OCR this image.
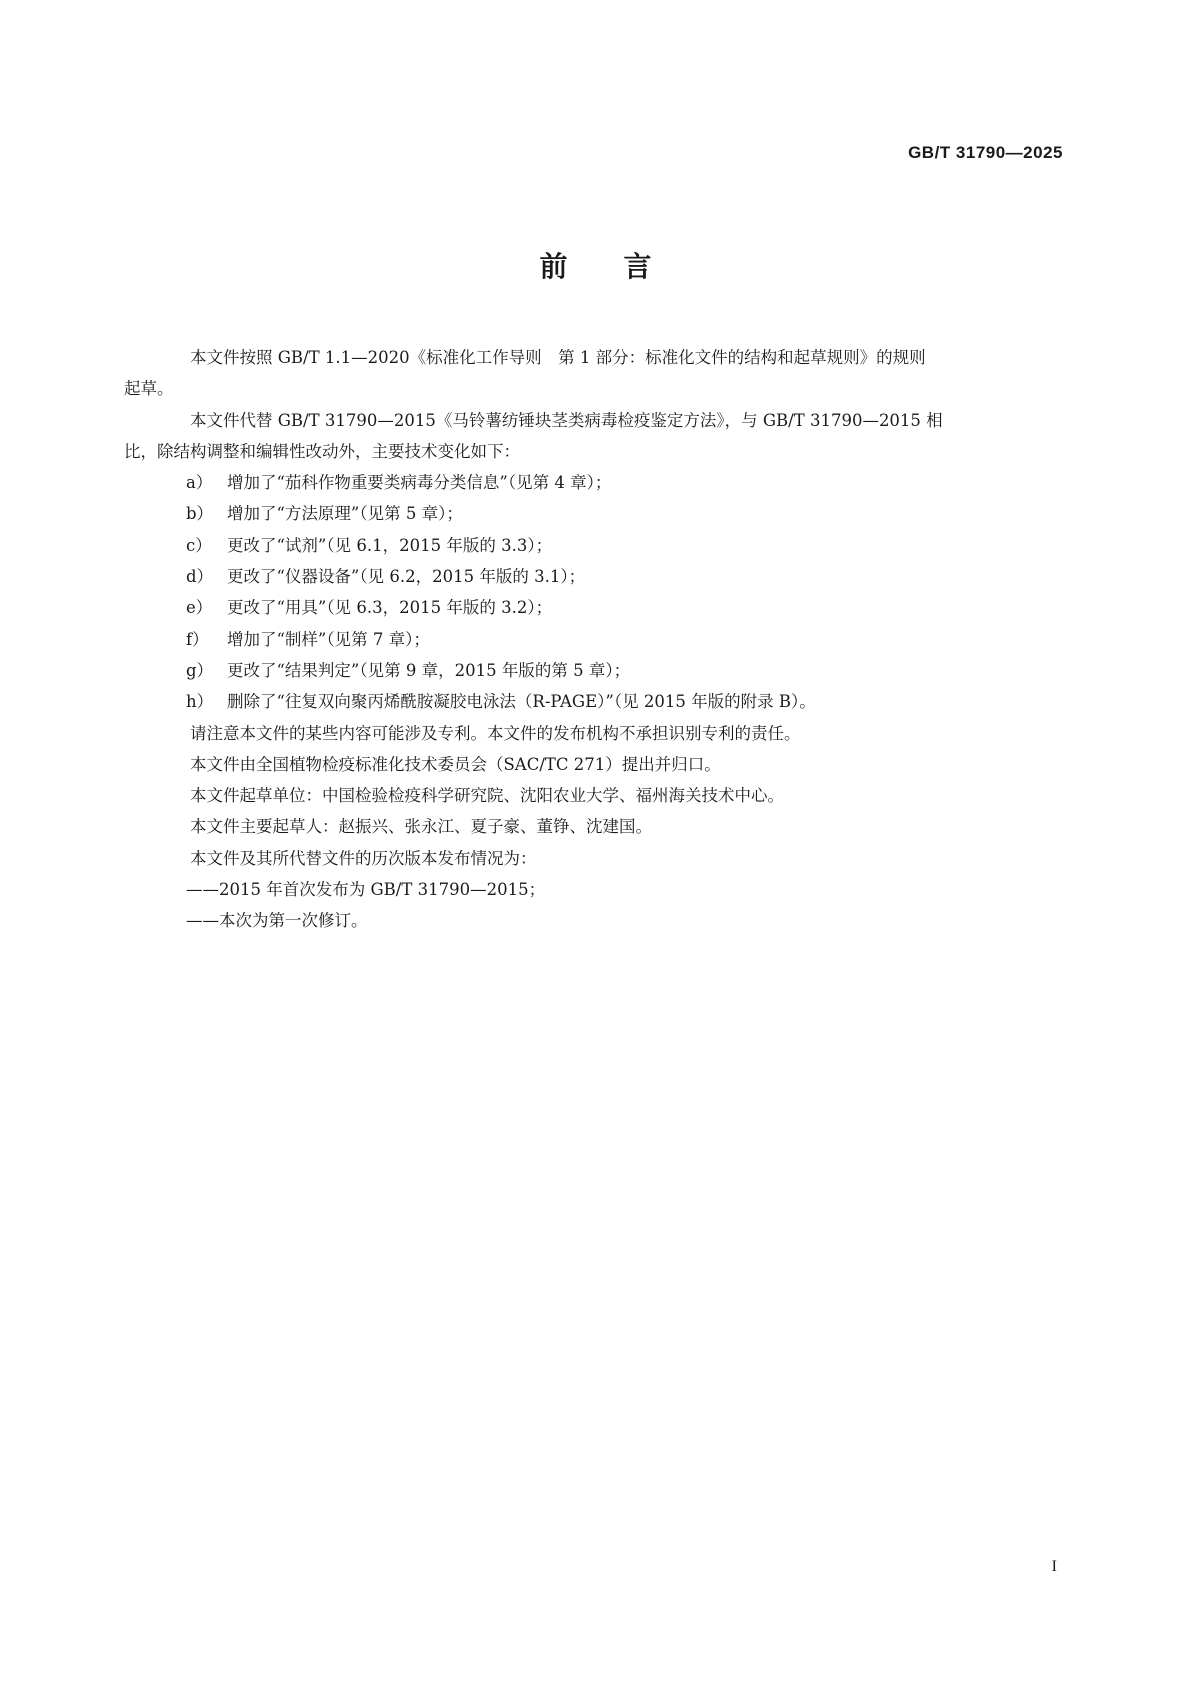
GB/T 31790—2025
前言

本文件按照 GB/T 1.1—2020《标准化工作导则　第 1 部分：标准化文件的结构和起草规则》的规则
起草。

本文件代替 GB/T 31790—2015《马铃薯纺锤块茎类病毒检疫鉴定方法》，与 GB/T 31790—2015 相
比，除结构调整和编辑性改动外，主要技术变化如下：

a） 增加了“茄科作物重要类病毒分类信息”（见第 4 章）；

b） 增加了“方法原理”（见第 5 章）；

c） 更改了“试剂”（见 6.1，2015 年版的 3.3）；

d） 更改了“仪器设备”（见 6.2，2015 年版的 3.1）；

e） 更改了“用具”（见 6.3，2015 年版的 3.2）；

f） 增加了“制样”（见第 7 章）；

g） 更改了“结果判定”（见第 9 章，2015 年版的第 5 章）；

h） 删除了“往复双向聚丙烯酰胺凝胶电泳法（R-PAGE）”（见 2015 年版的附录 B）。

请注意本文件的某些内容可能涉及专利。本文件的发布机构不承担识别专利的责任。

本文件由全国植物检疫标准化技术委员会（SAC/TC 271）提出并归口。

本文件起草单位：中国检验检疫科学研究院、沈阳农业大学、福州海关技术中心。

本文件主要起草人：赵振兴、张永江、夏子豪、董铮、沈建国。

本文件及其所代替文件的历次版本发布情况为：

——2015 年首次发布为 GB/T 31790—2015；

——本次为第一次修订。

I
